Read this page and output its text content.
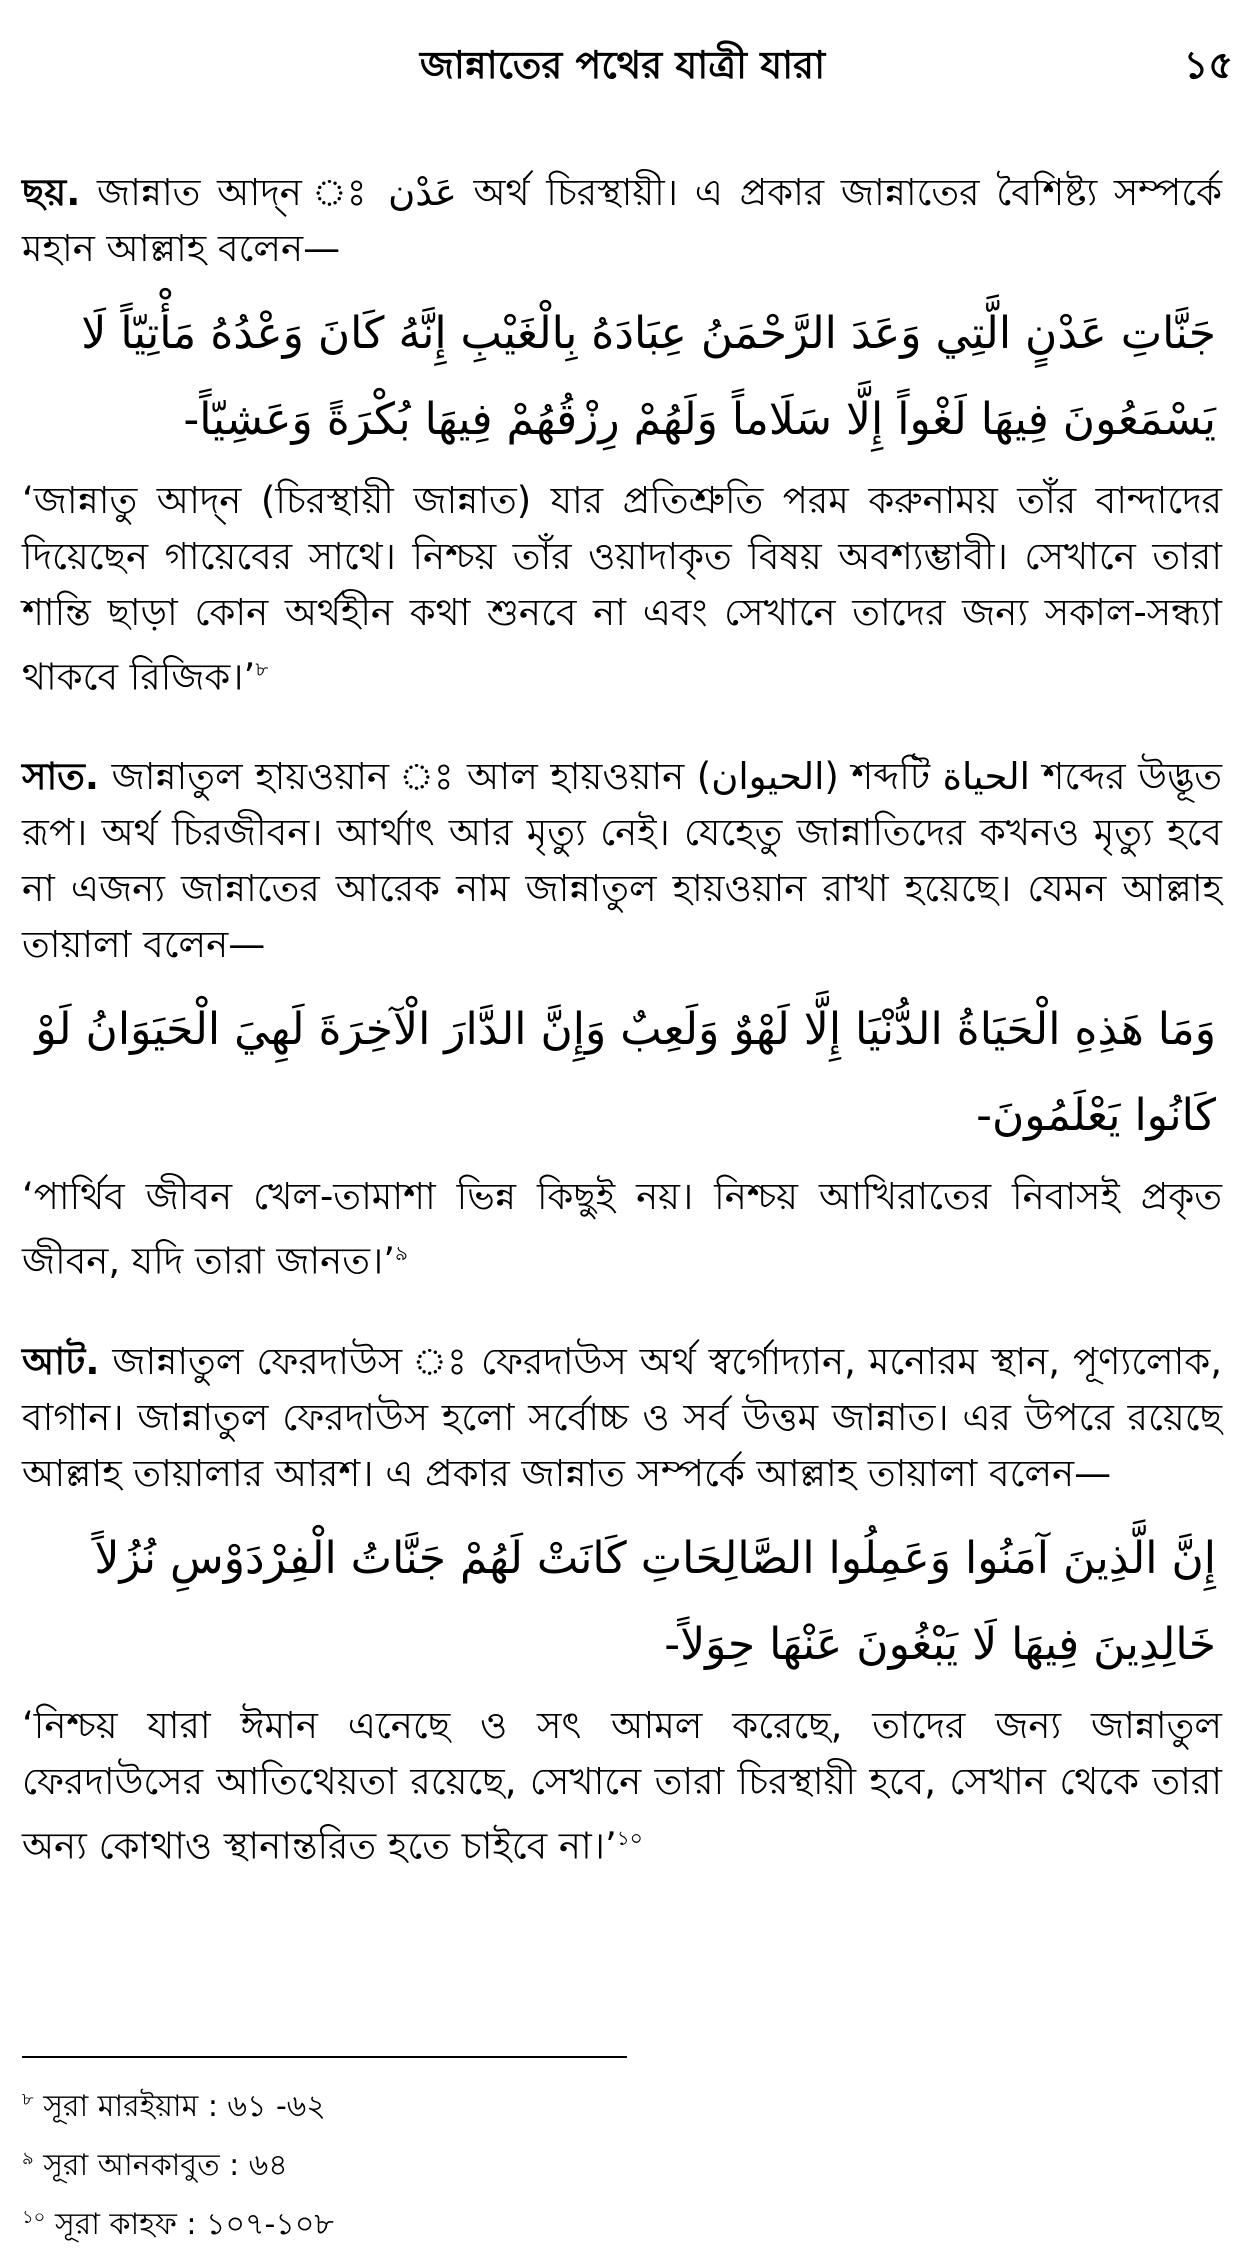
জান্নাতের পথের যাত্রী যারা	১৫

ছয়. জান্নাত আদ্‌ন ঃ عَدْن অর্থ চিরস্থায়ী। এ প্রকার জান্নাতের বৈশিষ্ট্য সম্পর্কে মহান আল্লাহ বলেন—

جَنَّاتِ عَدْنٍ الَّتِي وَعَدَ الرَّحْمَنُ عِبَادَهُ بِالْغَيْبِ إِنَّهُ كَانَ وَعْدُهُ مَأْتِيّاً لَا
يَسْمَعُونَ فِيهَا لَغْواً إِلَّا سَلَاماً وَلَهُمْ رِزْقُهُمْ فِيهَا بُكْرَةً وَعَشِيّاً-

‘জান্নাতু আদ্‌ন (চিরস্থায়ী জান্নাত) যার প্রতিশ্রুতি পরম করুনাময় তাঁর বান্দাদের দিয়েছেন গায়েবের সাথে। নিশ্চয় তাঁর ওয়াদাকৃত বিষয় অবশ্যম্ভাবী। সেখানে তারা শান্তি ছাড়া কোন অর্থহীন কথা শুনবে না এবং সেখানে তাদের জন্য সকাল-সন্ধ্যা থাকবে রিজিক।’$^৮$

সাত. জান্নাতুল হায়ওয়ান ঃ আল হায়ওয়ান (الحيوان) শব্দটি الحياة শব্দের উদ্ভূত রূপ। অর্থ চিরজীবন। আর্থাৎ আর মৃত্যু নেই। যেহেতু জান্নাতিদের কখনও মৃত্যু হবে না এজন্য জান্নাতের আরেক নাম জান্নাতুল হায়ওয়ান রাখা হয়েছে। যেমন আল্লাহ তায়ালা বলেন—

وَمَا هَذِهِ الْحَيَاةُ الدُّنْيَا إِلَّا لَهْوٌ وَلَعِبٌ وَإِنَّ الدَّارَ الْآخِرَةَ لَهِيَ الْحَيَوَانُ لَوْ
كَانُوا يَعْلَمُونَ-

‘পার্থিব জীবন খেল-তামাশা ভিন্ন কিছুই নয়। নিশ্চয় আখিরাতের নিবাসই প্রকৃত জীবন, যদি তারা জানত।’$^৯$

আট. জান্নাতুল ফেরদাউস ঃ ফেরদাউস অর্থ স্বর্গোদ্যান, মনোরম স্থান, পূণ্যলোক, বাগান। জান্নাতুল ফেরদাউস হলো সর্বোচ্চ ও সর্ব উত্তম জান্নাত। এর উপরে রয়েছে আল্লাহ তায়ালার আরশ। এ প্রকার জান্নাত সম্পর্কে আল্লাহ তায়ালা বলেন—

إِنَّ الَّذِينَ آمَنُوا وَعَمِلُوا الصَّالِحَاتِ كَانَتْ لَهُمْ جَنَّاتُ الْفِرْدَوْسِ نُزُلاً
خَالِدِينَ فِيهَا لَا يَبْغُونَ عَنْهَا حِوَلاً-

‘নিশ্চয় যারা ঈমান এনেছে ও সৎ আমল করেছে, তাদের জন্য জান্নাতুল ফেরদাউসের আতিথেয়তা রয়েছে, সেখানে তারা চিরস্থায়ী হবে, সেখান থেকে তারা অন্য কোথাও স্থানান্তরিত হতে চাইবে না।’$^{১০}$

$^৮$ সূরা মারইয়াম : ৬১ -৬২

$^৯$ সূরা আনকাবুত : ৬৪

$^{১০}$ সূরা কাহফ : ১০৭-১০৮
